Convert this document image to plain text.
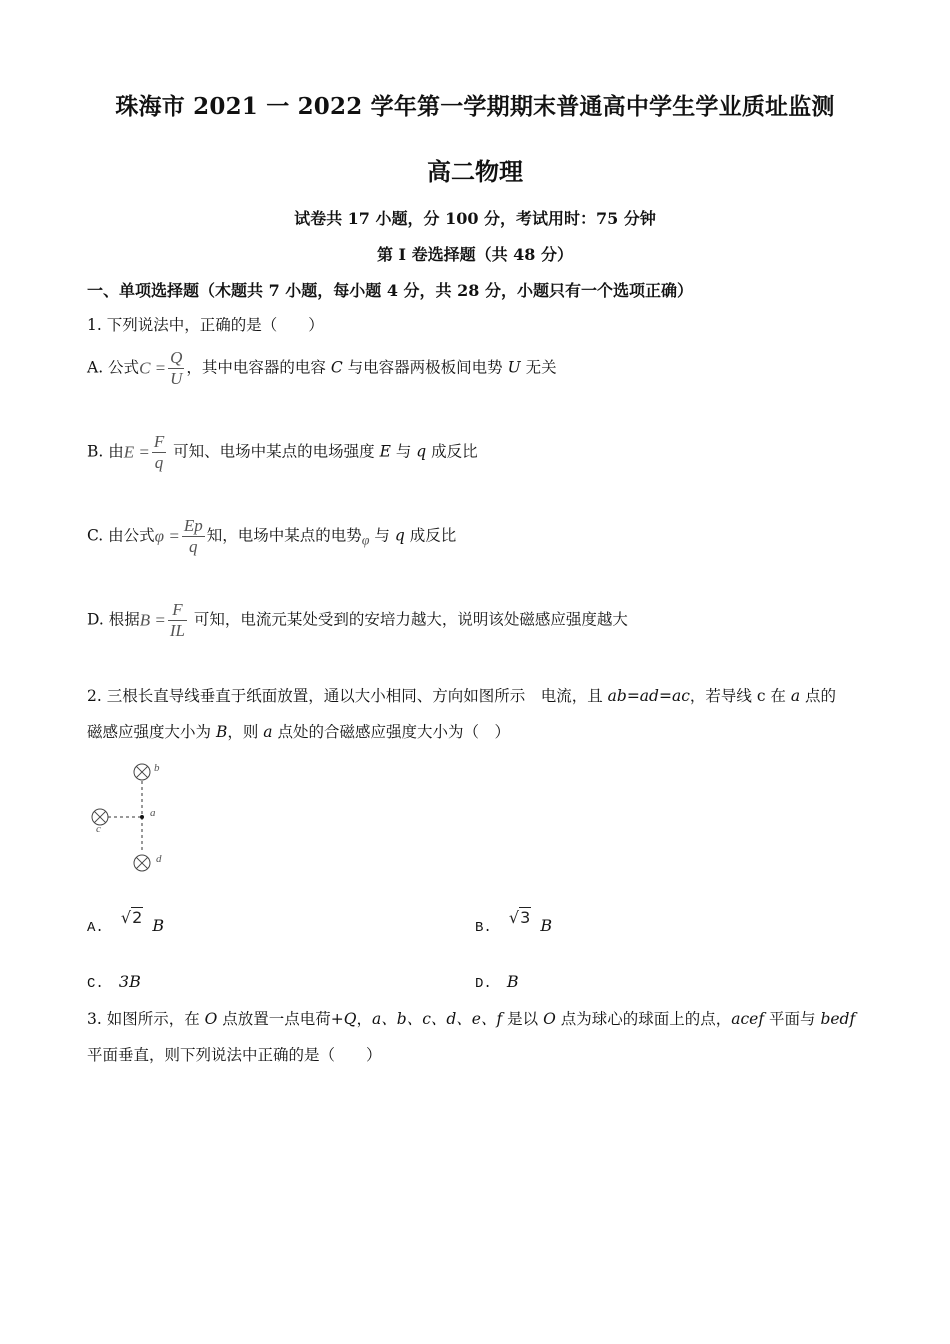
珠海市 2021 一 2022 学年第一学期期末普通高中学生学业质址监测
高二物理
试卷共 17 小题，分 100 分，考试用时：75 分钟
第 I 卷选择题（共 48 分）
一、单项选择题（木题共 7 小题，每小题 4 分，共 28 分，小题只有一个选项正确）
1. 下列说法中，正确的是（　　）
A. 公式$C = \frac{Q}{U}$ ，其中电容器的电容 C 与电容器两极板间电势 U 无关
B. 由$E = \frac{F}{q}$ 可知、电场中某点的电场强度 E 与 q 成反比
C. 由公式$\varphi = \frac{Ep}{q}$ 知，电场中某点的电势φ 与 q 成反比
D. 根据$B = \frac{F}{IL}$ 可知，电流元某处受到的安培力越大，说明该处磁感应强度越大
2. 三根长直导线垂直于纸面放置，通以大小相同、方向如图所示　电流，且 ab=ad=ac，若导线 c 在 a 点的
磁感应强度大小为 B，则 a 点处的合磁感应强度大小为（　）
b
a
c
d
A. √2 B	B. √3 B
C. 3B	D. B
3. 如图所示，在 O 点放置一点电荷+Q，a、b、c、d、e、f 是以 O 点为球心的球面上的点，acef 平面与 bedf
平面垂直，则下列说法中正确的是（　　）
